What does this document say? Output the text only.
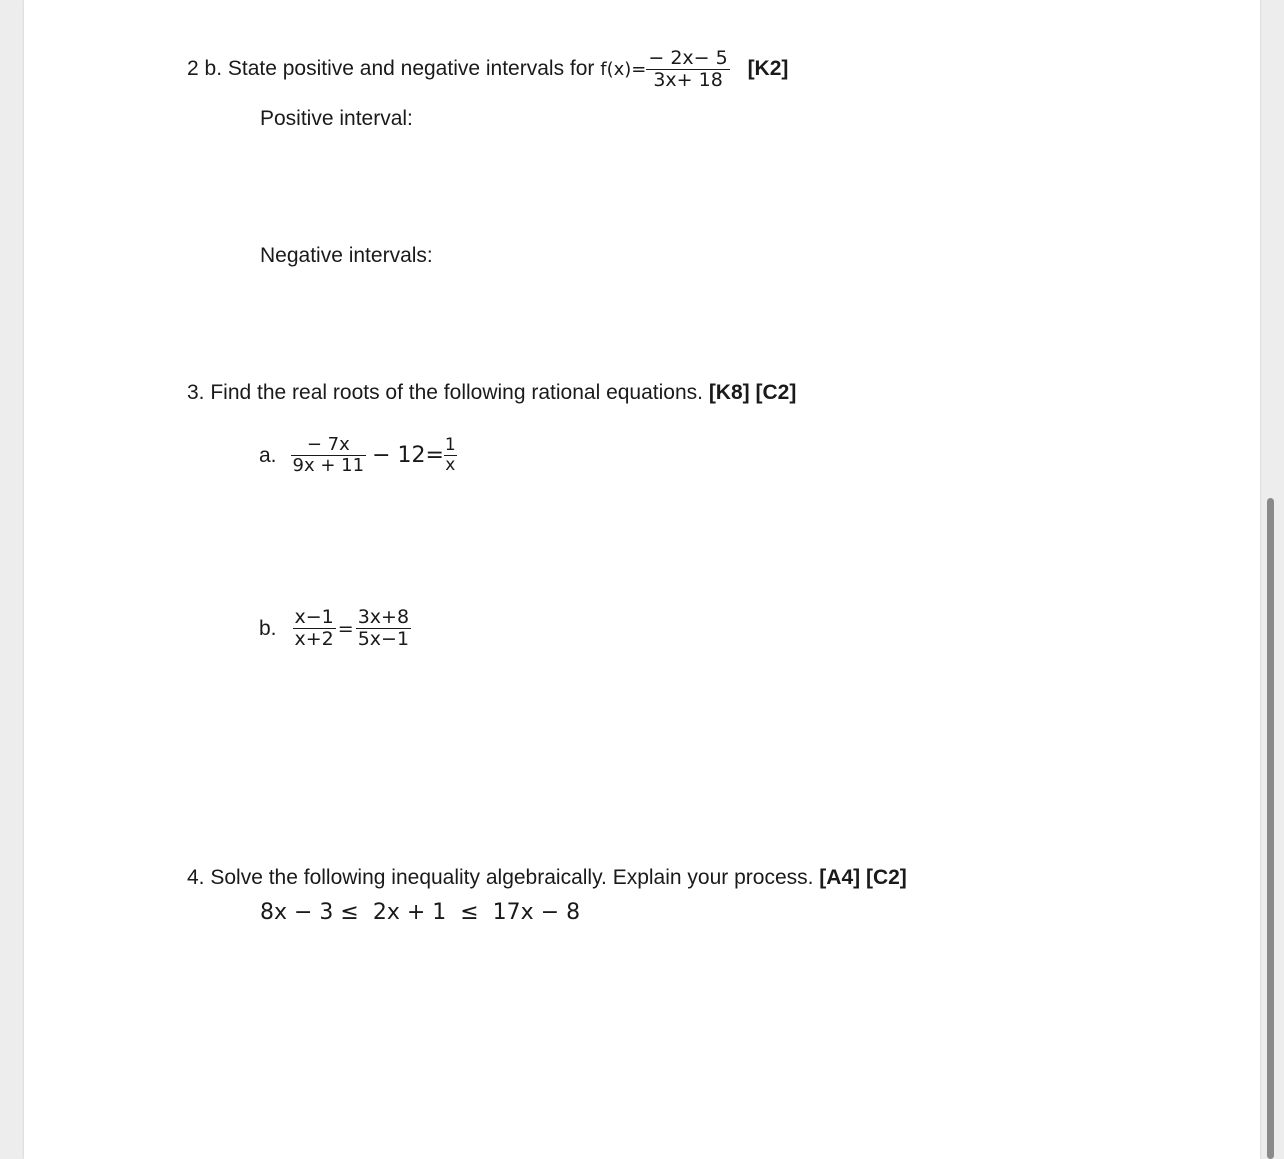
2 b. State positive and negative intervals for $f(x)= \frac{- 2x- 5}{3x+ 18} [K2]$
Positive interval:
Negative intervals:
3. Find the real roots of the following rational equations. [K8] [C2]
a. $\frac{- 7x}{9x + 11} - 12= \frac{1}{x}$
b. $\frac{x-1}{x+2} = \frac{3x+8}{5x-1}$
4. Solve the following inequality algebraically. Explain your process. [A4] [C2]
8x − 3 ≤  2x + 1  ≤  17x − 8
